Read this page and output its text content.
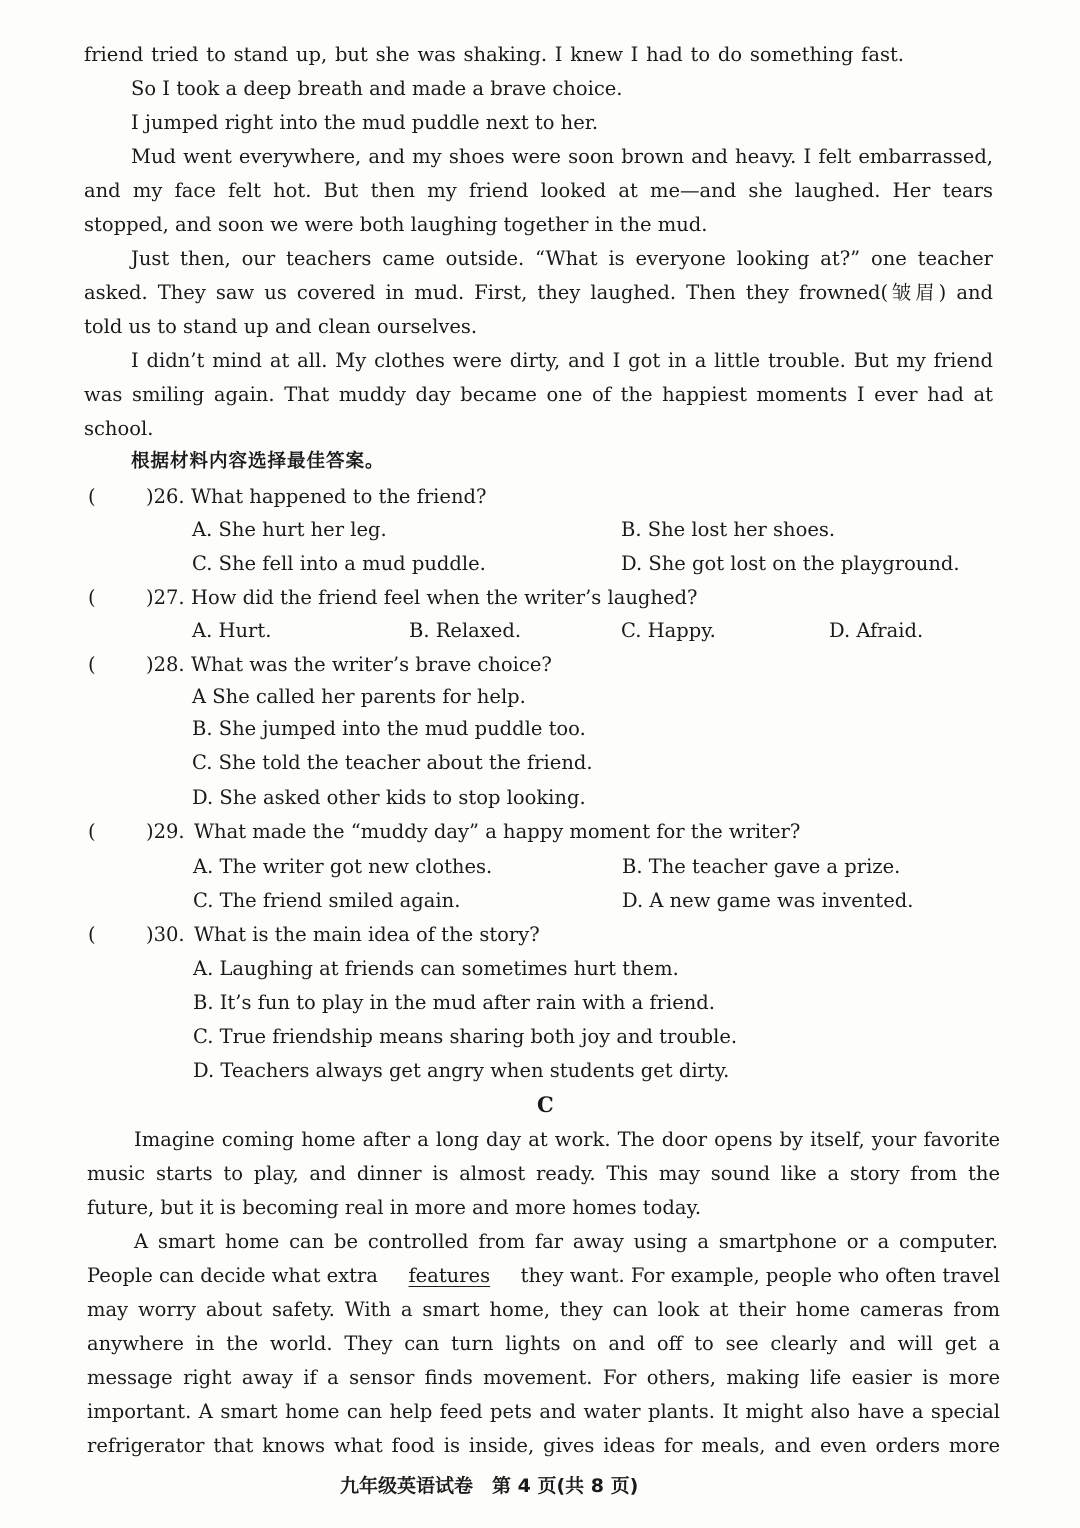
friend tried to stand up, but she was shaking. I knew I had to do something fast.
So I took a deep breath and made a brave choice.
I jumped right into the mud puddle next to her.
Mud went everywhere, and my shoes were soon brown and heavy. I felt embarrassed,
and my face felt hot. But then my friend looked at me—and she laughed. Her tears
stopped, and soon we were both laughing together in the mud.
Just then, our teachers came outside. “What is everyone looking at?” one teacher
asked. They saw us covered in mud. First, they laughed. Then they frowned(皱眉) and
told us to stand up and clean ourselves.
I didn’t mind at all. My clothes were dirty, and I got in a little trouble. But my friend
was smiling again. That muddy day became one of the happiest moments I ever had at
school.
根据材料内容选择最佳答案。
(	)26. What happened to the friend?
A. She hurt her leg.	B. She lost her shoes.
C. She fell into a mud puddle.	D. She got lost on the playground.
(	)27. How did the friend feel when the writer’s laughed?
A. Hurt.	B. Relaxed.	C. Happy.	D. Afraid.
(	)28. What was the writer’s brave choice?
A She called her parents for help.
B. She jumped into the mud puddle too.
C. She told the teacher about the friend.
D. She asked other kids to stop looking.
(	)29. What made the “muddy day” a happy moment for the writer?
A. The writer got new clothes.	B. The teacher gave a prize.
C. The friend smiled again.	D. A new game was invented.
(	)30. What is the main idea of the story?
A. Laughing at friends can sometimes hurt them.
B. It’s fun to play in the mud after rain with a friend.
C. True friendship means sharing both joy and trouble.
D. Teachers always get angry when students get dirty.
C
Imagine coming home after a long day at work. The door opens by itself, your favorite
music starts to play, and dinner is almost ready. This may sound like a story from the
future, but it is becoming real in more and more homes today.
A smart home can be controlled from far away using a smartphone or a computer.
People can decide what extra features they want. For example, people who often travel
may worry about safety. With a smart home, they can look at their home cameras from
anywhere in the world. They can turn lights on and off to see clearly and will get a
message right away if a sensor finds movement. For others, making life easier is more
important. A smart home can help feed pets and water plants. It might also have a special
refrigerator that knows what food is inside, gives ideas for meals, and even orders more
九年级英语试卷　第 4 页(共 8 页)
